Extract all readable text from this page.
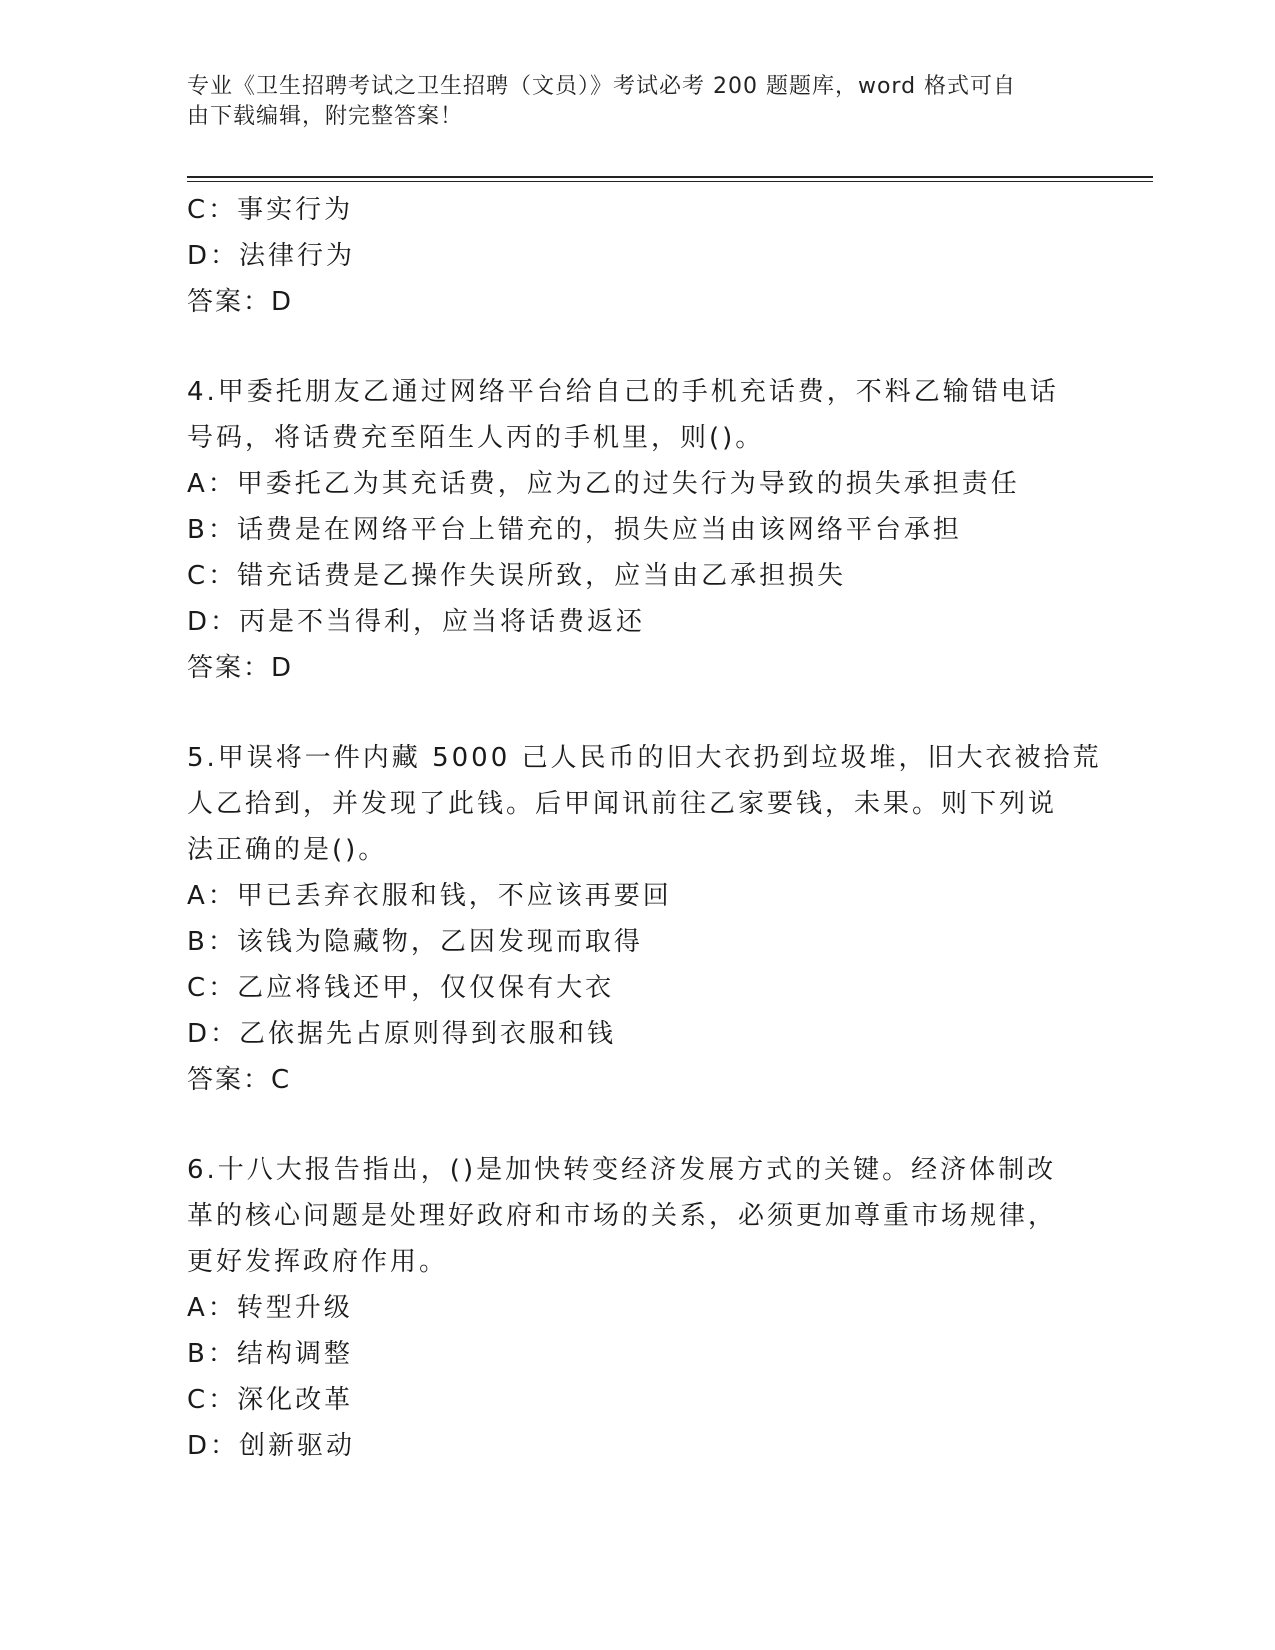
专业《卫生招聘考试之卫生招聘（文员）》考试必考 200 题题库，word 格式可自
由下载编辑，附完整答案！
C：事实行为
D：法律行为
答案：D
4.甲委托朋友乙通过网络平台给自己的手机充话费，不料乙输错电话
号码，将话费充至陌生人丙的手机里，则()。
A：甲委托乙为其充话费，应为乙的过失行为导致的损失承担责任
B：话费是在网络平台上错充的，损失应当由该网络平台承担
C：错充话费是乙操作失误所致，应当由乙承担损失
D：丙是不当得利，应当将话费返还
答案：D
5.甲误将一件内藏 5000 己人民币的旧大衣扔到垃圾堆，旧大衣被拾荒
人乙拾到，并发现了此钱。后甲闻讯前往乙家要钱，未果。则下列说
法正确的是()。
A：甲已丢弃衣服和钱，不应该再要回
B：该钱为隐藏物，乙因发现而取得
C：乙应将钱还甲，仅仅保有大衣
D：乙依据先占原则得到衣服和钱
答案：C
6.十八大报告指出，()是加快转变经济发展方式的关键。经济体制改
革的核心问题是处理好政府和市场的关系，必须更加尊重市场规律，
更好发挥政府作用。
A：转型升级
B：结构调整
C：深化改革
D：创新驱动
